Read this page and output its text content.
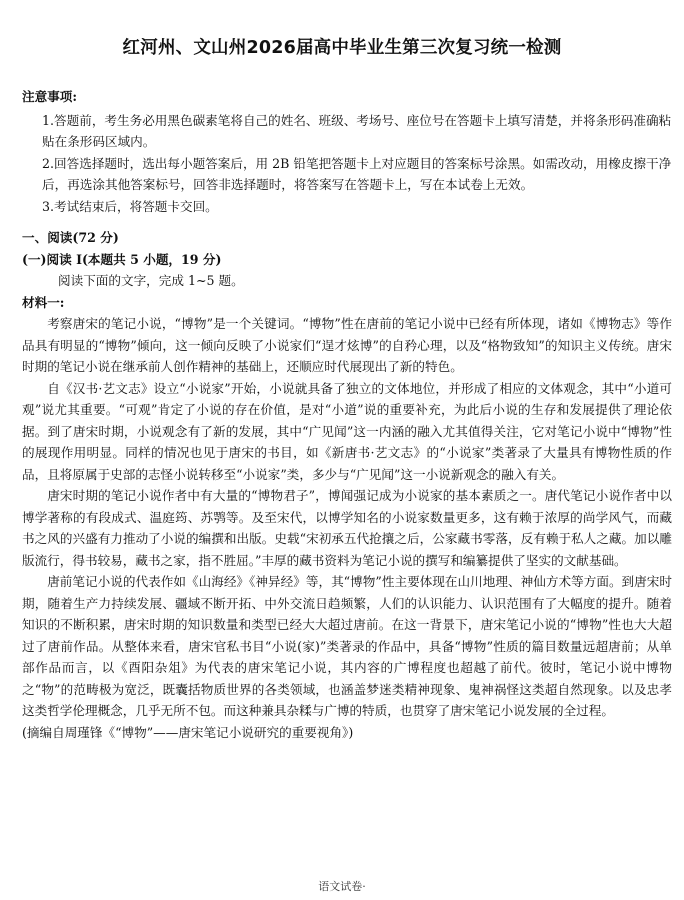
红河州、文山州2026届高中毕业生第三次复习统一检测

注意事项:

1.答题前，考生务必用黑色碳素笔将自己的姓名、班级、考场号、座位号在答题卡上填写清楚，并将条形码准确粘贴在条形码区域内。
2.回答选择题时，选出每小题答案后，用 2B 铅笔把答题卡上对应题目的答案标号涂黑。如需改动，用橡皮擦干净后，再选涂其他答案标号，回答非选择题时，将答案写在答题卡上，写在本试卷上无效。
3.考试结束后，将答题卡交回。

一、阅读(72 分)

(一)阅读 I(本题共 5 小题，19 分)

阅读下面的文字，完成 1~5 题。

材料一:

考察唐宋的笔记小说，“博物”是一个关键词。“博物”性在唐前的笔记小说中已经有所体现，诸如《博物志》等作品具有明显的“博物”倾向，这一倾向反映了小说家们“逞才炫博”的自矜心理，以及“格物致知”的知识主义传统。唐宋时期的笔记小说在继承前人创作精神的基础上，还顺应时代展现出了新的特色。

自《汉书·艺文志》设立“小说家”开始，小说就具备了独立的文体地位，并形成了相应的文体观念，其中“小道可观”说尤其重要。“可观”肯定了小说的存在价值，是对“小道”说的重要补充，为此后小说的生存和发展提供了理论依据。到了唐宋时期，小说观念有了新的发展，其中“广见闻”这一内涵的融入尤其值得关注，它对笔记小说中“博物”性的展现作用明显。同样的情况也见于唐宋的书目，如《新唐书·艺文志》的“小说家”类著录了大量具有博物性质的作品，且将原属于史部的志怪小说转移至“小说家”类，多少与“广见闻”这一小说新观念的融入有关。

唐宋时期的笔记小说作者中有大量的“博物君子”，博闻强记成为小说家的基本素质之一。唐代笔记小说作者中以博学著称的有段成式、温庭筠、苏鹗等。及至宋代，以博学知名的小说家数量更多，这有赖于浓厚的尚学风气，而藏书之风的兴盛有力推动了小说的编撰和出版。史载“宋初承五代抢攘之后，公家藏书零落，反有赖于私人之藏。加以雕版流行，得书较易，藏书之家，指不胜屈。”丰厚的藏书资料为笔记小说的撰写和编纂提供了坚实的文献基础。

唐前笔记小说的代表作如《山海经》《神异经》等，其“博物”性主要体现在山川地理、神仙方术等方面。到唐宋时期，随着生产力持续发展、疆域不断开拓、中外交流日趋频繁，人们的认识能力、认识范围有了大幅度的提升。随着知识的不断积累，唐宋时期的知识数量和类型已经大大超过唐前。在这一背景下，唐宋笔记小说的“博物”性也大大超过了唐前作品。从整体来看，唐宋官私书目“小说(家)”类著录的作品中，具备“博物”性质的篇目数量远超唐前；从单部作品而言，以《酉阳杂俎》为代表的唐宋笔记小说，其内容的广博程度也超越了前代。彼时，笔记小说中博物之“物”的范畴极为宽泛，既囊括物质世界的各类领域，也涵盖梦迷类精神现象、鬼神祸怪这类超自然现象。以及忠孝这类哲学伦理概念，几乎无所不包。而这种兼具杂糅与广博的特质，也贯穿了唐宋笔记小说发展的全过程。

(摘编自周瑾锋《“博物”——唐宋笔记小说研究的重要视角》)

语文试卷·
